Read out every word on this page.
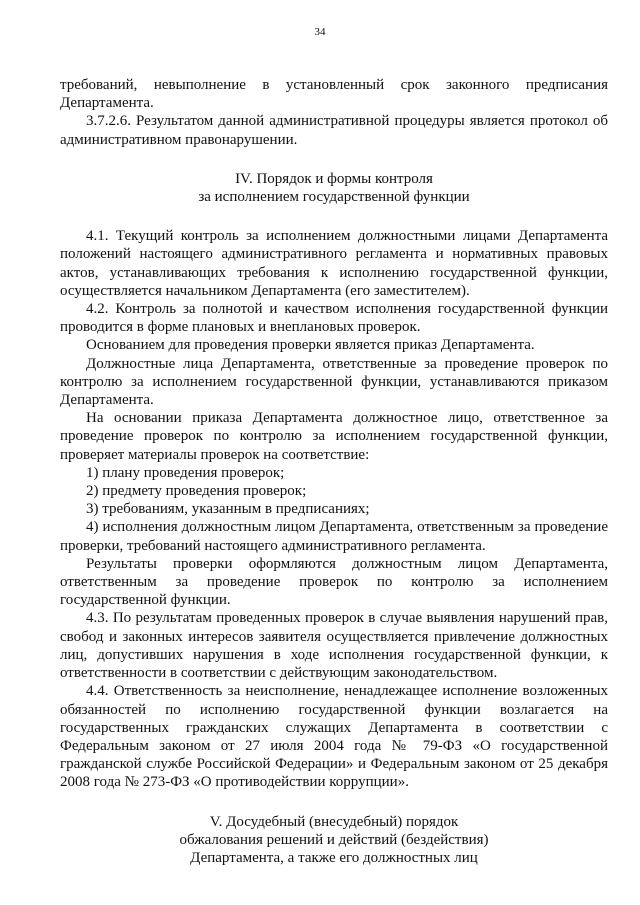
34

требований, невыполнение в установленный срок законного предписания Департамента.

3.7.2.6. Результатом данной административной процедуры является протокол об административном правонарушении.

IV. Порядок и формы контроля

за исполнением государственной функции

4.1. Текущий контроль за исполнением должностными лицами Департамента положений настоящего административного регламента и нормативных правовых актов, устанавливающих требования к исполнению государственной функции, осуществляется начальником Департамента (его заместителем).

4.2. Контроль за полнотой и качеством исполнения государственной функции проводится в форме плановых и внеплановых проверок.

Основанием для проведения проверки является приказ Департамента.

Должностные лица Департамента, ответственные за проведение проверок по контролю за исполнением государственной функции, устанавливаются приказом Департамента.

На основании приказа Департамента должностное лицо, ответственное за проведение проверок по контролю за исполнением государственной функции, проверяет материалы проверок на соответствие:

1) плану проведения проверок;

2) предмету проведения проверок;

3) требованиям, указанным в предписаниях;

4) исполнения должностным лицом Департамента, ответственным за проведение проверки, требований настоящего административного регламента.

Результаты проверки оформляются должностным лицом Департамента, ответственным за проведение проверок по контролю за исполнением государственной функции.

4.3. По результатам проведенных проверок в случае выявления нарушений прав, свобод и законных интересов заявителя осуществляется привлечение должностных лиц, допустивших нарушения в ходе исполнения государственной функции, к ответственности в соответствии с действующим законодательством.

4.4. Ответственность за неисполнение, ненадлежащее исполнение возложенных обязанностей по исполнению государственной функции возлагается на государственных гражданских служащих Департамента в соответствии с Федеральным законом от 27 июля 2004 года № 79-ФЗ «О государственной гражданской службе Российской Федерации» и Федеральным законом от 25 декабря 2008 года № 273-ФЗ «О противодействии коррупции».

V. Досудебный (внесудебный) порядок

обжалования решений и действий (бездействия)

Департамента, а также его должностных лиц
